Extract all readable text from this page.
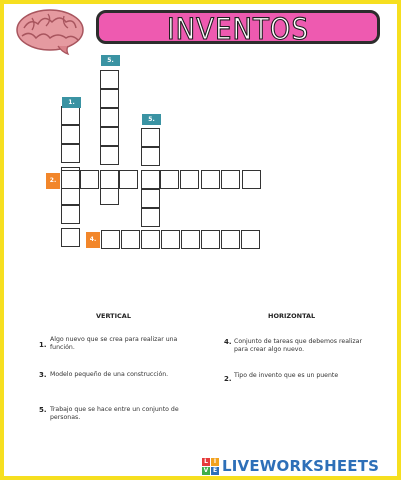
INVENTOS
1.
5.
5.
2.
4.
VERTICAL	HORIZONTAL
1.
Algo nuevo que se crea para realizar una función.
3. Modelo pequeño de una construcción.
5. Trabajo que se hace entre un conjunto de personas.
4. Conjunto de tareas que debemos realizar para crear algo nuevo.
2. Tipo de invento que es un puente
L I
V E LIVEWORKSHEETS
